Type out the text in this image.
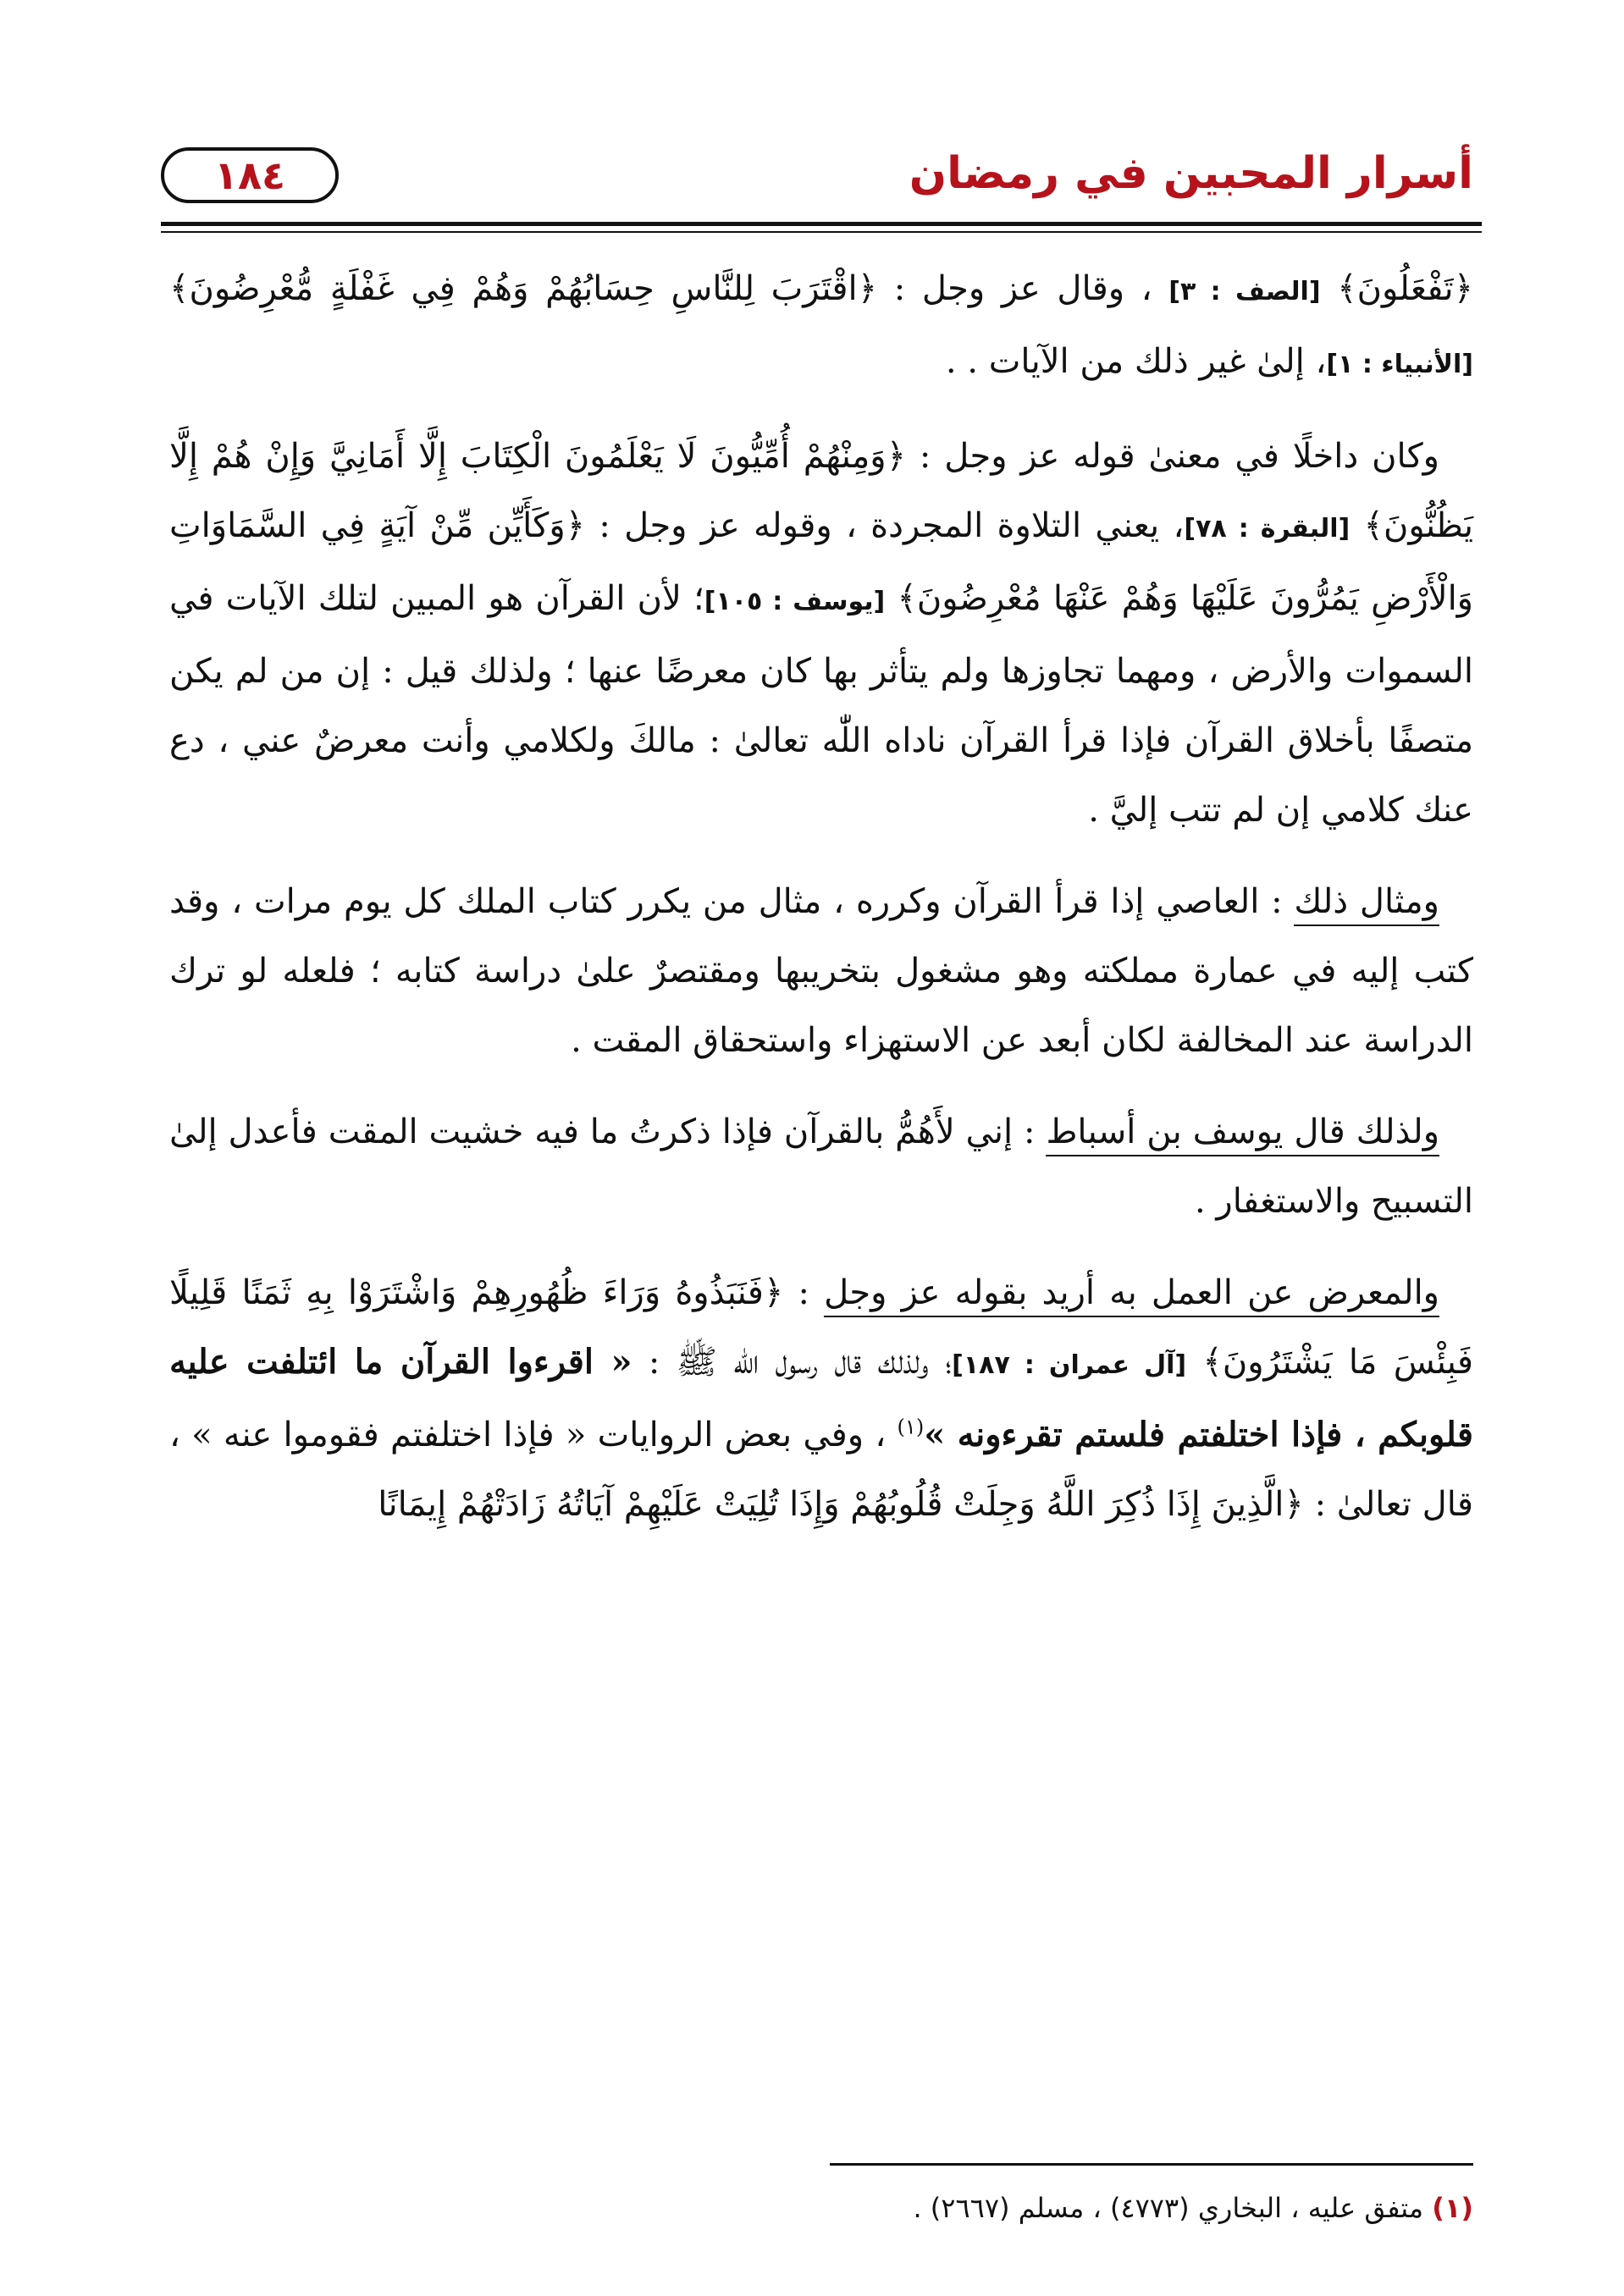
أسرار المحبين في رمضان
١٨٤

﴿تَفْعَلُونَ﴾ [الصف : ٣] ، وقال عز وجل : ﴿اقْتَرَبَ لِلنَّاسِ حِسَابُهُمْ وَهُمْ فِي غَفْلَةٍ مُّعْرِضُونَ﴾ [الأنبياء : ١]، إلىٰ غير ذلك من الآيات . .

وكان داخلًا في معنىٰ قوله عز وجل : ﴿وَمِنْهُمْ أُمِّيُّونَ لَا يَعْلَمُونَ الْكِتَابَ إِلَّا أَمَانِيَّ وَإِنْ هُمْ إِلَّا يَظُنُّونَ﴾ [البقرة : ٧٨]، يعني التلاوة المجردة ، وقوله عز وجل : ﴿وَكَأَيِّن مِّنْ آيَةٍ فِي السَّمَاوَاتِ وَالْأَرْضِ يَمُرُّونَ عَلَيْهَا وَهُمْ عَنْهَا مُعْرِضُونَ﴾ [يوسف : ١٠٥]؛ لأن القرآن هو المبين لتلك الآيات في السموات والأرض ، ومهما تجاوزها ولم يتأثر بها كان معرضًا عنها ؛ ولذلك قيل : إن من لم يكن متصفًا بأخلاق القرآن فإذا قرأ القرآن ناداه اللّٰه تعالىٰ : مالكَ ولكلامي وأنت معرضٌ عني ، دع عنك كلامي إن لم تتب إليَّ .

ومثال ذلك : العاصي إذا قرأ القرآن وكرره ، مثال من يكرر كتاب الملك كل يوم مرات ، وقد كتب إليه في عمارة مملكته وهو مشغول بتخريبها ومقتصرٌ علىٰ دراسة كتابه ؛ فلعله لو ترك الدراسة عند المخالفة لكان أبعد عن الاستهزاء واستحقاق المقت .

ولذلك قال يوسف بن أسباط : إني لأَهُمُّ بالقرآن فإذا ذكرتُ ما فيه خشيت المقت فأعدل إلىٰ التسبيح والاستغفار .

والمعرض عن العمل به أريد بقوله عز وجل : ﴿فَنَبَذُوهُ وَرَاءَ ظُهُورِهِمْ وَاشْتَرَوْا بِهِ ثَمَنًا قَلِيلًا فَبِئْسَ مَا يَشْتَرُونَ﴾ [آل عمران : ١٨٧]؛ ولذلك قال رسول اللّٰه ﷺ : « اقرءوا القرآن ما ائتلفت عليه قلوبكم ، فإذا اختلفتم فلستم تقرءونه »$^{(١)}$ ، وفي بعض الروايات « فإذا اختلفتم فقوموا عنه » ، قال تعالىٰ : ﴿الَّذِينَ إِذَا ذُكِرَ اللَّهُ وَجِلَتْ قُلُوبُهُمْ وَإِذَا تُلِيَتْ عَلَيْهِمْ آيَاتُهُ زَادَتْهُمْ إِيمَانًا

(١) متفق عليه ، البخاري (٤٧٧٣) ، مسلم (٢٦٦٧) .
